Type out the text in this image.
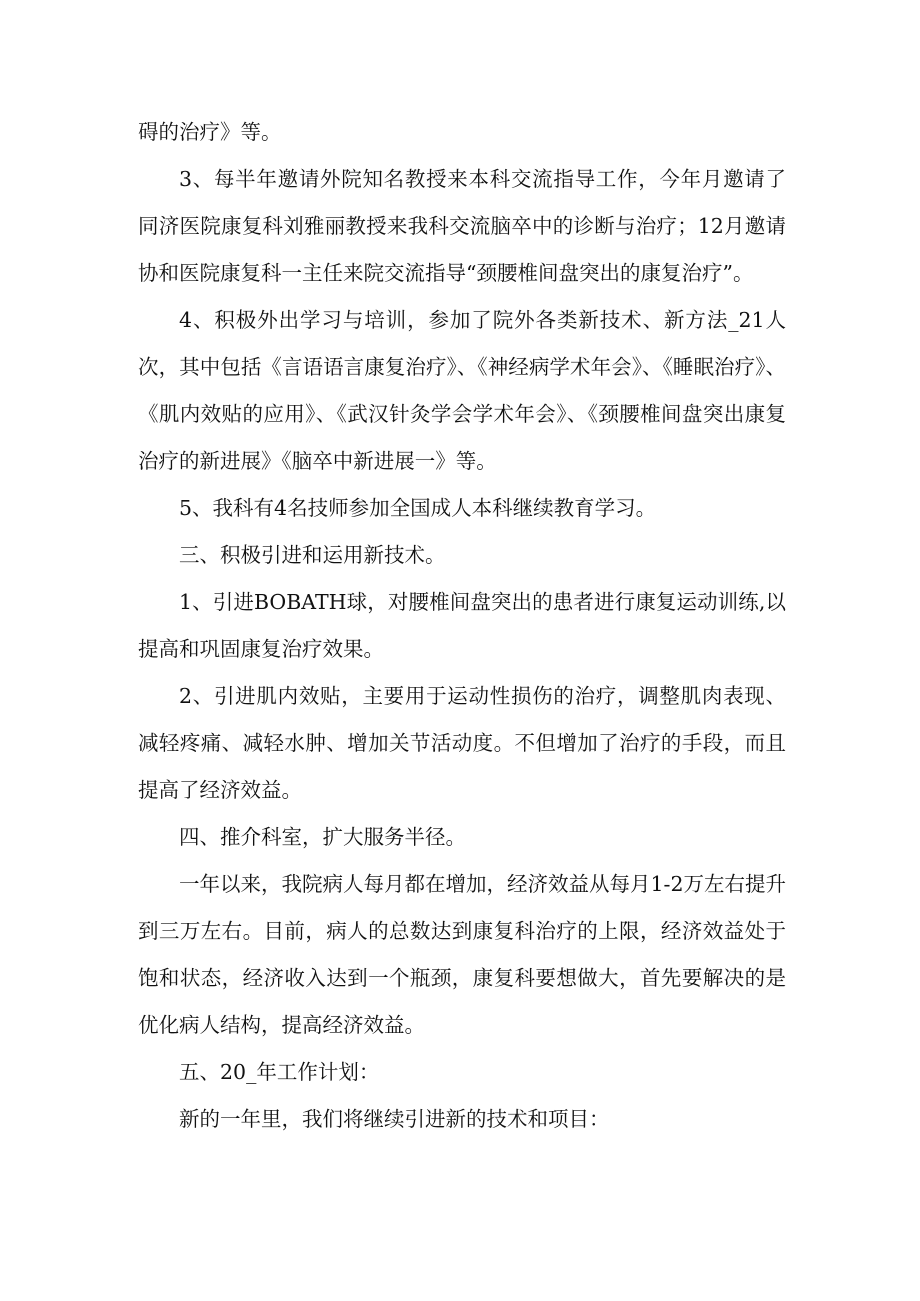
碍的治疗》等。

3、每半年邀请外院知名教授来本科交流指导工作，今年月邀请了同济医院康复科刘雅丽教授来我科交流脑卒中的诊断与治疗；12月邀请协和医院康复科一主任来院交流指导“颈腰椎间盘突出的康复治疗”。

4、积极外出学习与培训，参加了院外各类新技术、新方法_21人次，其中包括《言语语言康复治疗》、《神经病学术年会》、《睡眠治疗》、《肌内效贴的应用》、《武汉针灸学会学术年会》、《颈腰椎间盘突出康复治疗的新进展》《脑卒中新进展一》等。

5、我科有4名技师参加全国成人本科继续教育学习。

三、积极引进和运用新技术。

1、引进BOBATH球，对腰椎间盘突出的患者进行康复运动训练,以提高和巩固康复治疗效果。

2、引进肌内效贴，主要用于运动性损伤的治疗，调整肌肉表现、减轻疼痛、减轻水肿、增加关节活动度。不但增加了治疗的手段，而且提高了经济效益。

四、推介科室，扩大服务半径。

一年以来，我院病人每月都在增加，经济效益从每月1-2万左右提升到三万左右。目前，病人的总数达到康复科治疗的上限，经济效益处于饱和状态，经济收入达到一个瓶颈，康复科要想做大，首先要解决的是优化病人结构，提高经济效益。

五、20_年工作计划：

新的一年里，我们将继续引进新的技术和项目：
